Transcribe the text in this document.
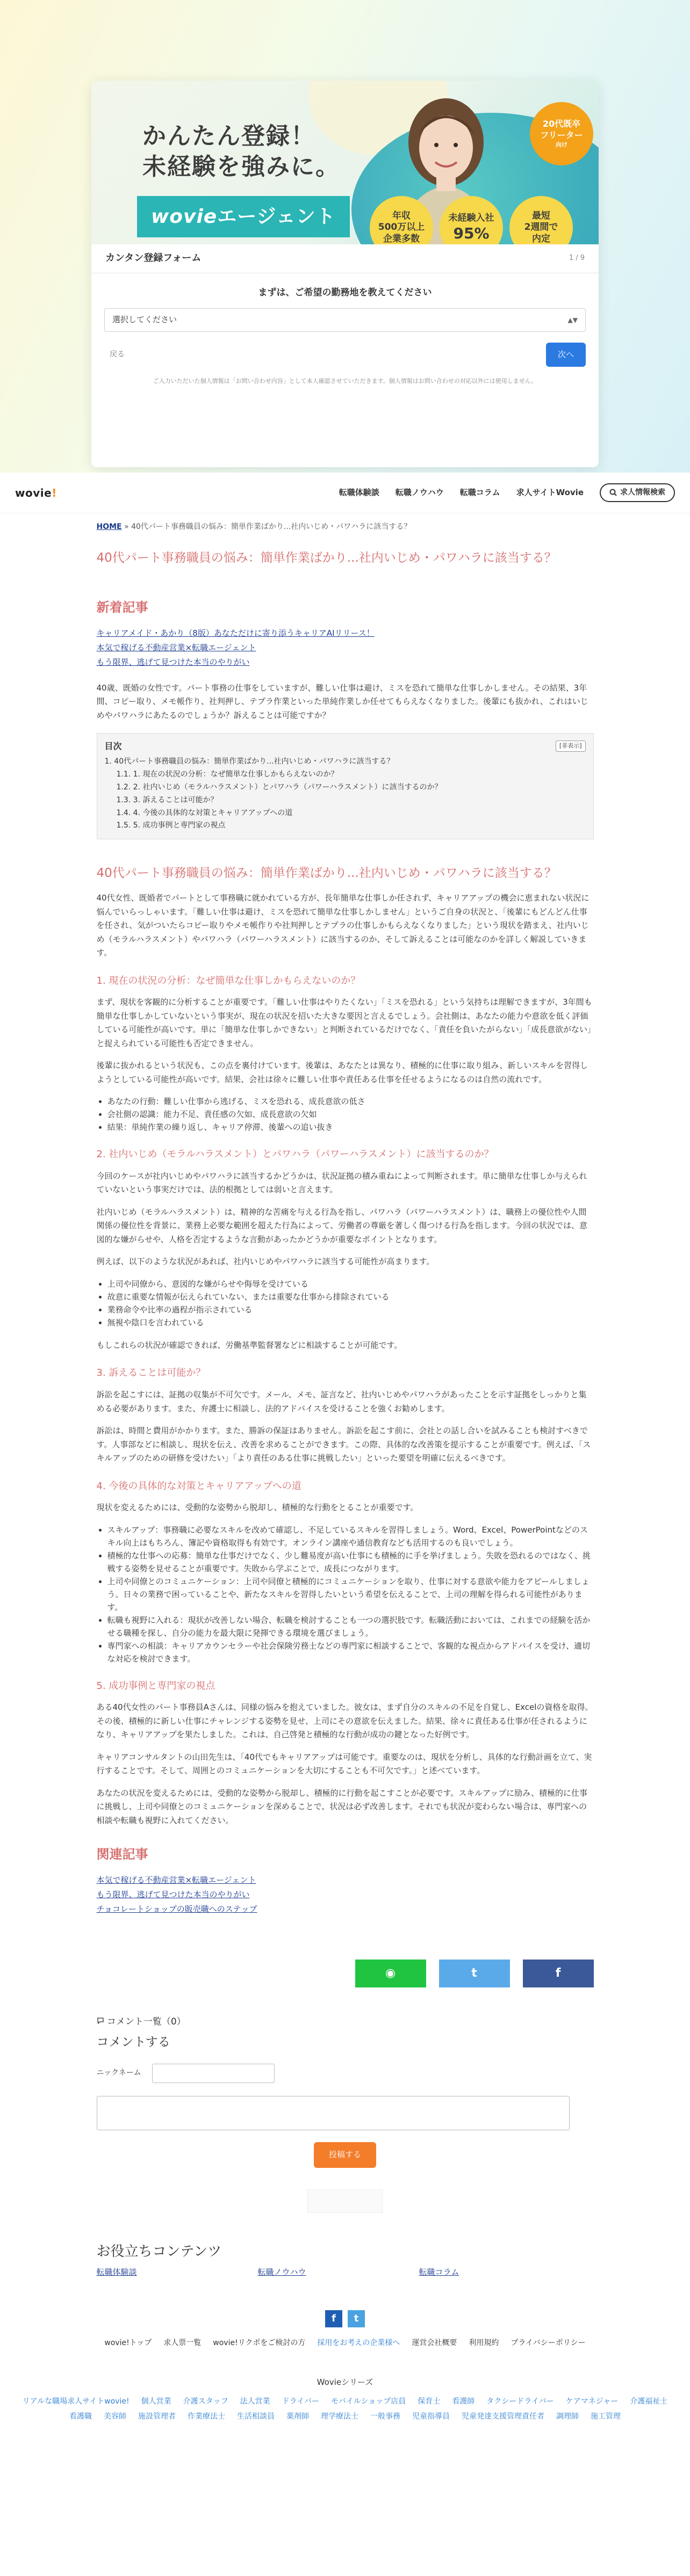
かんたん登録！
未経験を強みに。
wovieエージェント
20代既卒
フリーター
向け
年収
500万以上
企業多数
未経験入社
95%
最短
2週間で
内定
カンタン登録フォーム	1 / 9
まずは、ご希望の勤務地を教えてください
選択してください	▲▼
戻る	次へ
ご入力いただいた個人情報は「お問い合わせ内容」として本人確認させていただきます。個人情報はお問い合わせの対応以外には使用しません。
wovie!	転職体験談 転職ノウハウ 転職コラム 求人サイトWovie	求人情報検索
HOME » 40代パート事務職員の悩み：簡単作業ばかり...社内いじめ・パワハラに該当する？
40代パート事務職員の悩み：簡単作業ばかり...社内いじめ・パワハラに該当する？
新着記事
キャリアメイド・あかり（8版）あなただけに寄り添うキャリアAIリリース！
本気で稼げる不動産営業×転職エージェント
もう限界、逃げて見つけた本当のやりがい

40歳、既婚の女性です。パート事務の仕事をしていますが、難しい仕事は避け、ミスを恐れて簡単な仕事しかしません。その結果、3年間、コピー取り、メモ帳作り、社判押し、テプラ作業といった単純作業しか任せてもらえなくなりました。後輩にも抜かれ、これはいじめやパワハラにあたるのでしょうか？訴えることは可能ですか？

目次	[非表示]
1. 40代パート事務職員の悩み：簡単作業ばかり...社内いじめ・パワハラに該当する？
1.1. 1. 現在の状況の分析：なぜ簡単な仕事しかもらえないのか？
1.2. 2. 社内いじめ（モラルハラスメント）とパワハラ（パワーハラスメント）に該当するのか？
1.3. 3. 訴えることは可能か？
1.4. 4. 今後の具体的な対策とキャリアアップへの道
1.5. 5. 成功事例と専門家の視点
40代パート事務職員の悩み：簡単作業ばかり...社内いじめ・パワハラに該当する？

40代女性、既婚者でパートとして事務職に就かれている方が、長年簡単な仕事しか任されず、キャリアアップの機会に恵まれない状況に悩んでいらっしゃいます。「難しい仕事は避け、ミスを恐れて簡単な仕事しかしません」というご自身の状況と、「後輩にもどんどん仕事を任され、気がついたらコピー取りやメモ帳作りや社判押しとテプラの仕事しかもらえなくなりました」という現状を踏まえ、社内いじめ（モラルハラスメント）やパワハラ（パワーハラスメント）に該当するのか、そして訴えることは可能なのかを詳しく解説していきます。

1. 現在の状況の分析：なぜ簡単な仕事しかもらえないのか？

まず、現状を客観的に分析することが重要です。「難しい仕事はやりたくない」「ミスを恐れる」という気持ちは理解できますが、3年間も簡単な仕事しかしていないという事実が、現在の状況を招いた大きな要因と言えるでしょう。会社側は、あなたの能力や意欲を低く評価している可能性が高いです。単に「簡単な仕事しかできない」と判断されているだけでなく、「責任を負いたがらない」「成長意欲がない」と捉えられている可能性も否定できません。

後輩に抜かれるという状況も、この点を裏付けています。後輩は、あなたとは異なり、積極的に仕事に取り組み、新しいスキルを習得しようとしている可能性が高いです。結果、会社は徐々に難しい仕事や責任ある仕事を任せるようになるのは自然の流れです。

• あなたの行動：難しい仕事から逃げる、ミスを恐れる、成長意欲の低さ
• 会社側の認識：能力不足、責任感の欠如、成長意欲の欠如
• 結果：単純作業の繰り返し、キャリア停滞、後輩への追い抜き
2. 社内いじめ（モラルハラスメント）とパワハラ（パワーハラスメント）に該当するのか？

今回のケースが社内いじめやパワハラに該当するかどうかは、状況証拠の積み重ねによって判断されます。単に簡単な仕事しか与えられていないという事実だけでは、法的根拠としては弱いと言えます。

社内いじめ（モラルハラスメント）は、精神的な苦痛を与える行為を指し、パワハラ（パワーハラスメント）は、職務上の優位性や人間関係の優位性を背景に、業務上必要な範囲を超えた行為によって、労働者の尊厳を著しく傷つける行為を指します。今回の状況では、意図的な嫌がらせや、人格を否定するような言動があったかどうかが重要なポイントとなります。

例えば、以下のような状況があれば、社内いじめやパワハラに該当する可能性が高まります。

• 上司や同僚から、意図的な嫌がらせや侮辱を受けている
• 故意に重要な情報が伝えられていない、または重要な仕事から排除されている
• 業務命令や比率の過程が指示されている
• 無視や陰口を言われている

もしこれらの状況が確認できれば、労働基準監督署などに相談することが可能です。

3. 訴えることは可能か？

訴訟を起こすには、証拠の収集が不可欠です。メール、メモ、証言など、社内いじめやパワハラがあったことを示す証拠をしっかりと集める必要があります。また、弁護士に相談し、法的アドバイスを受けることを強くお勧めします。

訴訟は、時間と費用がかかります。また、勝訴の保証はありません。訴訟を起こす前に、会社との話し合いを試みることも検討すべきです。人事部などに相談し、現状を伝え、改善を求めることができます。この際、具体的な改善策を提示することが重要です。例えば、「スキルアップのための研修を受けたい」「より責任のある仕事に挑戦したい」といった要望を明確に伝えるべきです。

4. 今後の具体的な対策とキャリアアップへの道

現状を変えるためには、受動的な姿勢から脱却し、積極的な行動をとることが重要です。

• スキルアップ：事務職に必要なスキルを改めて確認し、不足しているスキルを習得しましょう。Word、Excel、PowerPointなどのスキル向上はもちろん、簿記や資格取得も有効です。オンライン講座や通信教育なども活用するのも良いでしょう。
• 積極的な仕事への応募：簡単な仕事だけでなく、少し難易度が高い仕事にも積極的に手を挙げましょう。失敗を恐れるのではなく、挑戦する姿勢を見せることが重要です。失敗から学ぶことで、成長につながります。
• 上司や同僚とのコミュニケーション：上司や同僚と積極的にコミュニケーションを取り、仕事に対する意欲や能力をアピールしましょう。日々の業務で困っていることや、新たなスキルを習得したいという希望を伝えることで、上司の理解を得られる可能性があります。
• 転職も視野に入れる：現状が改善しない場合、転職を検討することも一つの選択肢です。転職活動においては、これまでの経験を活かせる職種を探し、自分の能力を最大限に発揮できる環境を選びましょう。
• 専門家への相談：キャリアカウンセラーや社会保険労務士などの専門家に相談することで、客観的な視点からアドバイスを受け、適切な対応を検討できます。
5. 成功事例と専門家の視点

ある40代女性のパート事務員Aさんは、同様の悩みを抱えていました。彼女は、まず自分のスキルの不足を自覚し、Excelの資格を取得。その後、積極的に新しい仕事にチャレンジする姿勢を見せ、上司にその意欲を伝えました。結果、徐々に責任ある仕事が任されるようになり、キャリアアップを果たしました。これは、自己啓発と積極的な行動が成功の鍵となった好例です。

キャリアコンサルタントの山田先生は、「40代でもキャリアアップは可能です。重要なのは、現状を分析し、具体的な行動計画を立て、実行することです。そして、周囲とのコミュニケーションを大切にすることも不可欠です。」と述べています。

あなたの状況を変えるためには、受動的な姿勢から脱却し、積極的に行動を起こすことが必要です。スキルアップに励み、積極的に仕事に挑戦し、上司や同僚とのコミュニケーションを深めることで、状況は必ず改善します。それでも状況が変わらない場合は、専門家への相談や転職も視野に入れてください。

関連記事
本気で稼げる不動産営業×転職エージェント
もう限界、逃げて見つけた本当のやりがい
チョコレートショップの販売職へのステップ
◉	t	f
コメント一覧（0）
コメントする
ニックネーム
投稿する
お役立ちコンテンツ
転職体験談	転職ノウハウ	転職コラム
f	t
wovie!トップ 求人票一覧 wovie!リクポをご検討の方 採用をお考えの企業様へ 運営会社概要 利用規約 プライバシーポリシー
Wovieシリーズ
リアルな職場求人サイトwovie! 個人営業 介護スタッフ 法人営業 ドライバー モバイルショップ店員 保育士 看護師 タクシードライバー ケアマネジャー 介護福祉士
看護職 美容師 施設管理者 作業療法士 生活相談員 薬剤師 理学療法士 一般事務 児童指導員 児童発達支援管理責任者 調理師 施工管理
